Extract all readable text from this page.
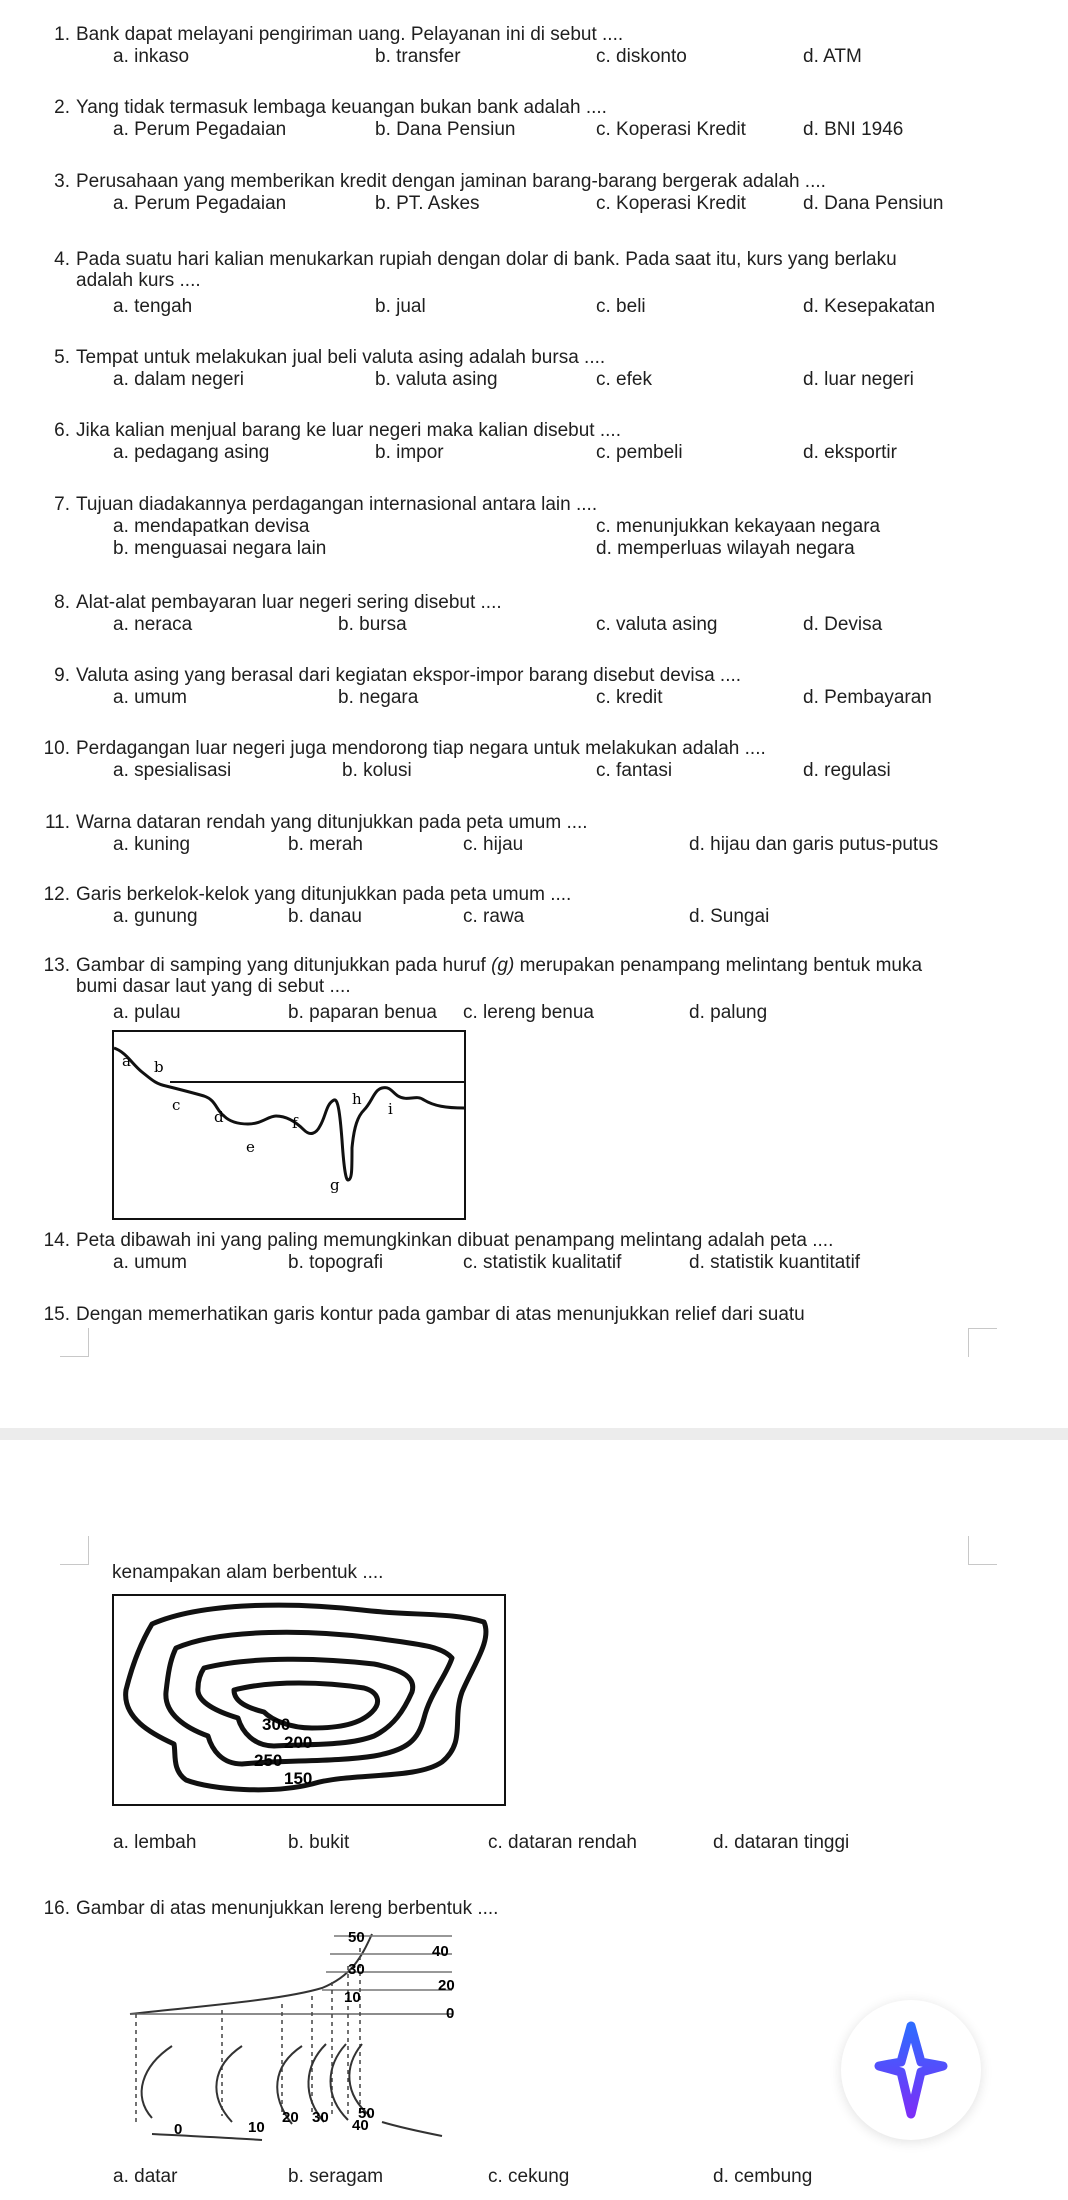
1. Bank dapat melayani pengiriman uang. Pelayanan ini di sebut ....
a. inkaso	b. transfer	c. diskonto	d. ATM
2. Yang tidak termasuk lembaga keuangan bukan bank adalah ....
a. Perum Pegadaian	b. Dana Pensiun	c. Koperasi Kredit	d. BNI 1946
3. Perusahaan yang memberikan kredit dengan jaminan barang-barang bergerak adalah ....
a. Perum Pegadaian	b. PT. Askes	c. Koperasi Kredit	d. Dana Pensiun
4. Pada suatu hari kalian menukarkan rupiah dengan dolar di bank. Pada saat itu, kurs yang berlaku adalah kurs ....
a. tengah	b. jual	c. beli	d. Kesepakatan
5. Tempat untuk melakukan jual beli valuta asing adalah bursa ....
a. dalam negeri	b. valuta asing	c. efek	d. luar negeri
6. Jika kalian menjual barang ke luar negeri maka kalian disebut ....
a. pedagang asing	b. impor	c. pembeli	d. eksportir
7. Tujuan diadakannya perdagangan internasional antara lain ....
a. mendapatkan devisa	c. menunjukkan kekayaan negara
b. menguasai negara lain	d. memperluas wilayah negara
8. Alat-alat pembayaran luar negeri sering disebut ....
a. neraca	b. bursa	c. valuta asing	d. Devisa
9. Valuta asing yang berasal dari kegiatan ekspor-impor barang disebut devisa ....
a. umum	b. negara	c. kredit	d. Pembayaran
10. Perdagangan luar negeri juga mendorong tiap negara untuk melakukan adalah ....
a. spesialisasi	b. kolusi	c. fantasi	d. regulasi
11. Warna dataran rendah yang ditunjukkan pada peta umum ....
a. kuning	b. merah	c. hijau	d. hijau dan garis putus-putus
12. Garis berkelok-kelok yang ditunjukkan pada peta umum ....
a. gunung	b. danau	c. rawa	d. Sungai
13. Gambar di samping yang ditunjukkan pada huruf (g) merupakan penampang melintang bentuk muka bumi dasar laut yang di sebut ....
a. pulau	b. paparan benua c. lereng benua	d. palung
a b
c
d
e
f
h
i
g
14. Peta dibawah ini yang paling memungkinkan dibuat penampang melintang adalah peta ....
a. umum	b. topografi	c. statistik kualitatif	d. statistik kuantitatif
15. Dengan memerhatikan garis kontur pada gambar di atas menunjukkan relief dari suatu
kenampakan alam berbentuk ....
300
200
250
150
a. lembah	b. bukit	c. dataran rendah	d. dataran tinggi
16. Gambar di atas menunjukkan lereng berbentuk ....
50
40
30
20
10
0
0	10
20 30 50
40
a. datar	b. seragam	c. cekung	d. cembung
